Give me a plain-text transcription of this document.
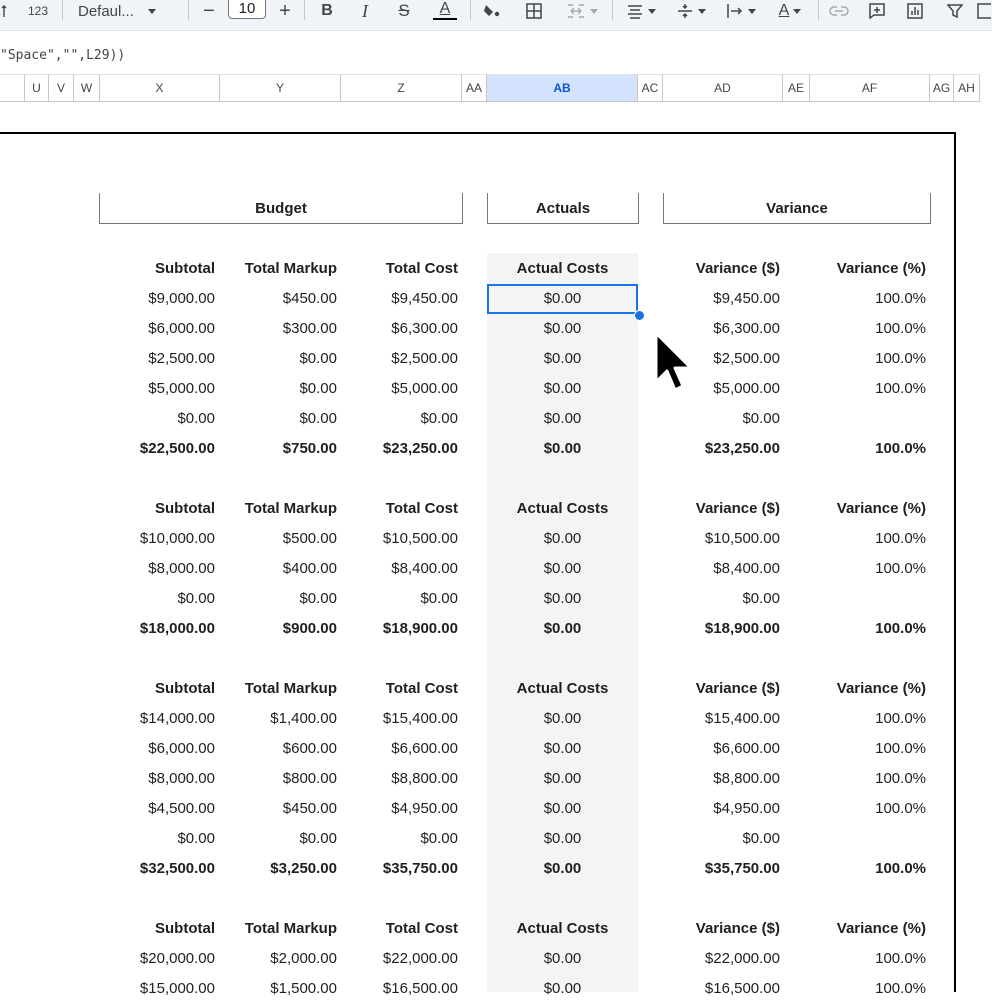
123 Defaul...	−	10	+ B	I	S A	A
"Space","",L29))
U	V	W	X	Y	Z	AA	AB	AC	AD	AE	AF	AG AH
Budget	Actuals	Variance
Subtotal	Total Markup	Total Cost	Actual Costs	Variance ($)	Variance (%)
$9,000.00	$450.00	$9,450.00	$0.00	$9,450.00	100.0%
$6,000.00	$300.00	$6,300.00	$0.00	$6,300.00	100.0%
$2,500.00	$0.00	$2,500.00	$0.00	$2,500.00	100.0%
$5,000.00	$0.00	$5,000.00	$0.00	$5,000.00	100.0%
$0.00	$0.00	$0.00	$0.00	$0.00
$22,500.00	$750.00	$23,250.00	$0.00	$23,250.00	100.0%
Subtotal	Total Markup	Total Cost	Actual Costs	Variance ($)	Variance (%)
$10,000.00	$500.00	$10,500.00	$0.00	$10,500.00	100.0%
$8,000.00	$400.00	$8,400.00	$0.00	$8,400.00	100.0%
$0.00	$0.00	$0.00	$0.00	$0.00
$18,000.00	$900.00	$18,900.00	$0.00	$18,900.00	100.0%
Subtotal	Total Markup	Total Cost	Actual Costs	Variance ($)	Variance (%)
$14,000.00	$1,400.00	$15,400.00	$0.00	$15,400.00	100.0%
$6,000.00	$600.00	$6,600.00	$0.00	$6,600.00	100.0%
$8,000.00	$800.00	$8,800.00	$0.00	$8,800.00	100.0%
$4,500.00	$450.00	$4,950.00	$0.00	$4,950.00	100.0%
$0.00	$0.00	$0.00	$0.00	$0.00
$32,500.00	$3,250.00	$35,750.00	$0.00	$35,750.00	100.0%
Subtotal	Total Markup	Total Cost	Actual Costs	Variance ($)	Variance (%)
$20,000.00	$2,000.00	$22,000.00	$0.00	$22,000.00	100.0%
$15,000.00	$1,500.00	$16,500.00	$0.00	$16,500.00	100.0%
